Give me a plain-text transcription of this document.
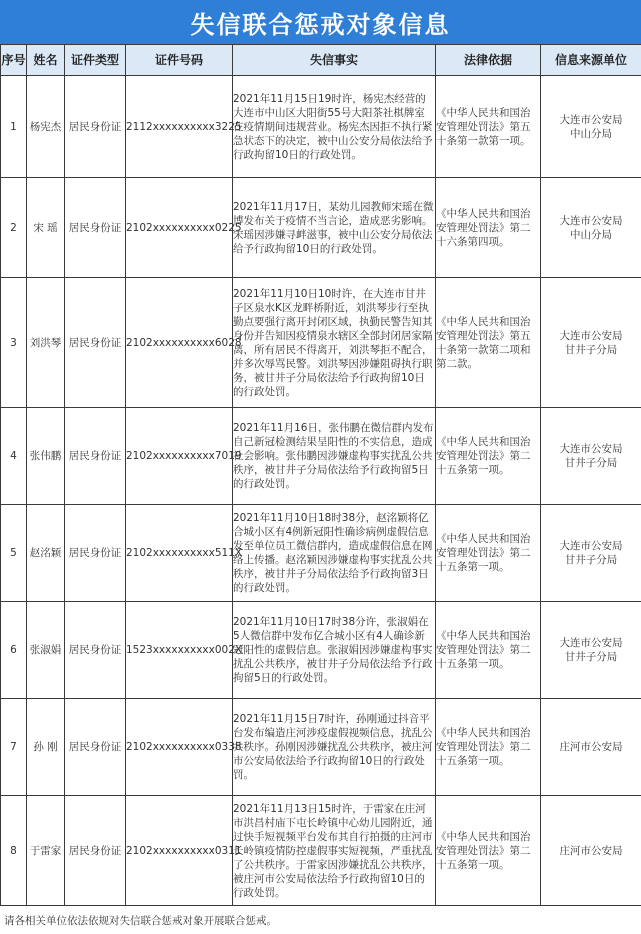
失信联合惩戒对象信息
序号	姓名	证件类型	证件号码	失信事实	法律依据	信息来源单位
1	杨宪杰	居民身份证	2112xxxxxxxxxx3225	2021年11月15日19时许，杨宪杰经营的大连市中山区大阳街55号大阳茶社棋牌室在疫情期间违规营业。杨宪杰因拒不执行紧急状态下的决定，被中山公安分局依法给予行政拘留10日的行政处罚。	《中华人民共和国治安管理处罚法》第五十条第一款第一项。	大连市公安局
中山分局
2	宋 瑶	居民身份证	2102xxxxxxxxxx0225	2021年11月17日，某幼儿园教师宋瑶在微博发布关于疫情不当言论，造成恶劣影响。宋瑶因涉嫌寻衅滋事，被中山公安分局依法给予行政拘留10日的行政处罚。	《中华人民共和国治安管理处罚法》第二十六条第四项。	大连市公安局
中山分局
3	刘洪琴	居民身份证	2102xxxxxxxxxx6028	2021年11月10日10时许，在大连市甘井子区泉水K区龙畔桥附近，刘洪琴步行至执勤点要强行离开封闭区域，执勤民警告知其身份并告知因疫情泉水辖区全部封闭居家隔离，所有居民不得离开，刘洪琴拒不配合，并多次辱骂民警。刘洪琴因涉嫌阻碍执行职务，被甘井子分局依法给予行政拘留10日的行政处罚。	《中华人民共和国治安管理处罚法》第五十条第一款第二项和第二款。	大连市公安局
甘井子分局
4	张伟鹏	居民身份证	2102xxxxxxxxxx7019	2021年11月16日，张伟鹏在微信群内发布自己新冠检测结果呈阳性的不实信息，造成社会影响。张伟鹏因涉嫌虚构事实扰乱公共秩序，被甘井子分局依法给予行政拘留5日的行政处罚。	《中华人民共和国治安管理处罚法》第二十五条第一项。	大连市公安局
甘井子分局
5	赵洺颖	居民身份证	2102xxxxxxxxxx511X	2021年11月10日18时38分，赵洺颖将亿合城小区有4例新冠阳性确诊病例虚假信息发至单位员工微信群内，造成虚假信息在网络上传播。赵洺颖因涉嫌虚构事实扰乱公共秩序，被甘井子分局依法给予行政拘留3日的行政处罚。	《中华人民共和国治安管理处罚法》第二十五条第一项。	大连市公安局
甘井子分局
6	张淑娟	居民身份证	1523xxxxxxxxxx002X	2021年11月10日17时38分许，张淑娟在5人微信群中发布亿合城小区有4人确诊新冠阳性的虚假信息。张淑娟因涉嫌虚构事实扰乱公共秩序，被甘井子分局依法给予行政拘留5日的行政处罚。	《中华人民共和国治安管理处罚法》第二十五条第一项。	大连市公安局
甘井子分局
7	孙 刚	居民身份证	2102xxxxxxxxxx0338	2021年11月15日7时许，孙刚通过抖音平台发布编造庄河涉疫虚假视频信息，扰乱公共秩序。孙刚因涉嫌扰乱公共秩序，被庄河市公安局依法给予行政拘留10日的行政处罚。	《中华人民共和国治安管理处罚法》第二十五条第一项。	庄河市公安局
8	于雷家	居民身份证	2102xxxxxxxxxx0311	2021年11月13日15时许，于雷家在庄河市洪昌村庙下屯长岭镇中心幼儿园附近，通过快手短视频平台发布其自行拍摄的庄河市长岭镇疫情防控虚假事实短视频，严重扰乱了公共秩序。于雷家因涉嫌扰乱公共秩序，被庄河市公安局依法给予行政拘留10日的行政处罚。	《中华人民共和国治安管理处罚法》第二十五条第一项。	庄河市公安局
请各相关单位依法依规对失信联合惩戒对象开展联合惩戒。
